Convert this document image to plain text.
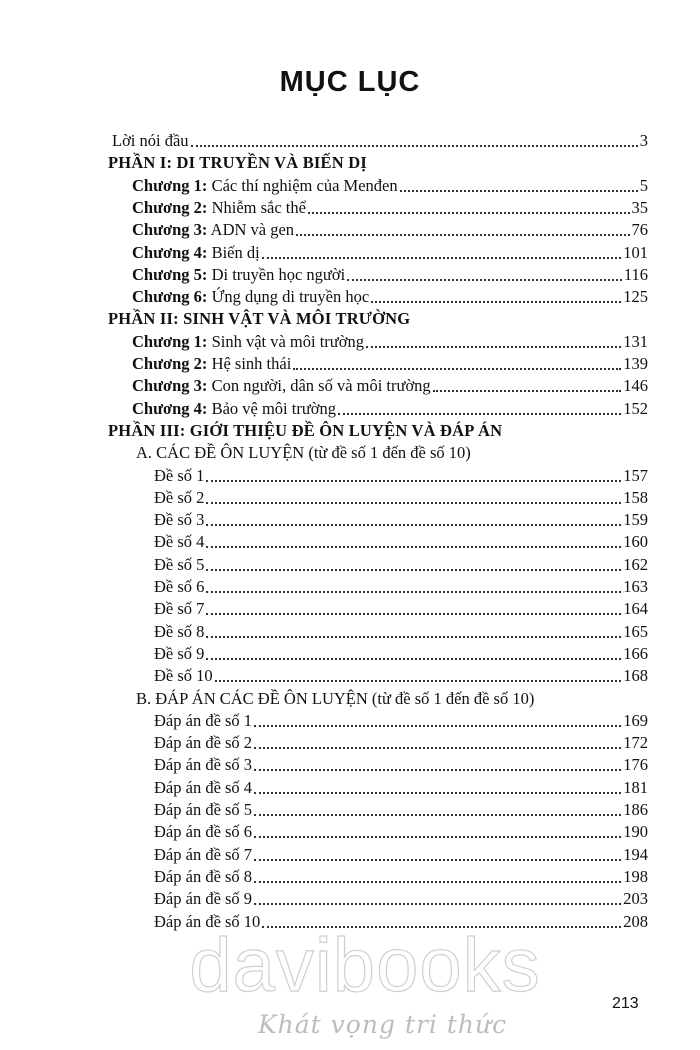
MỤC LỤC
Lời nói đầu	3
PHẦN I: DI TRUYỀN VÀ BIẾN DỊ
Chương 1: Các thí nghiệm của Menđen	5
Chương 2: Nhiễm sắc thể	35
Chương 3: ADN và gen	76
Chương 4: Biến dị	101
Chương 5: Di truyền học người	116
Chương 6: Ứng dụng di truyền học	125
PHẦN II: SINH VẬT VÀ MÔI TRƯỜNG
Chương 1: Sinh vật và môi trường	131
Chương 2: Hệ sinh thái	139
Chương 3: Con người, dân số và môi trường	146
Chương 4: Bảo vệ môi trường	152
PHẦN III: GIỚI THIỆU ĐỀ ÔN LUYỆN VÀ ĐÁP ÁN
A. CÁC ĐỀ ÔN LUYỆN (từ đề số 1 đến đề số 10)
Đề số 1	157
Đề số 2	158
Đề số 3	159
Đề số 4	160
Đề số 5	162
Đề số 6	163
Đề số 7	164
Đề số 8	165
Đề số 9	166
Đề số 10	168
B. ĐÁP ÁN CÁC ĐỀ ÔN LUYỆN (từ đề số 1 đến đề số 10)
Đáp án đề số 1	169
Đáp án đề số 2	172
Đáp án đề số 3	176
Đáp án đề số 4	181
Đáp án đề số 5	186
Đáp án đề số 6	190
Đáp án đề số 7	194
Đáp án đề số 8	198
Đáp án đề số 9	203
Đáp án đề số 10	208
davibooks
Khát vọng tri thức
213
